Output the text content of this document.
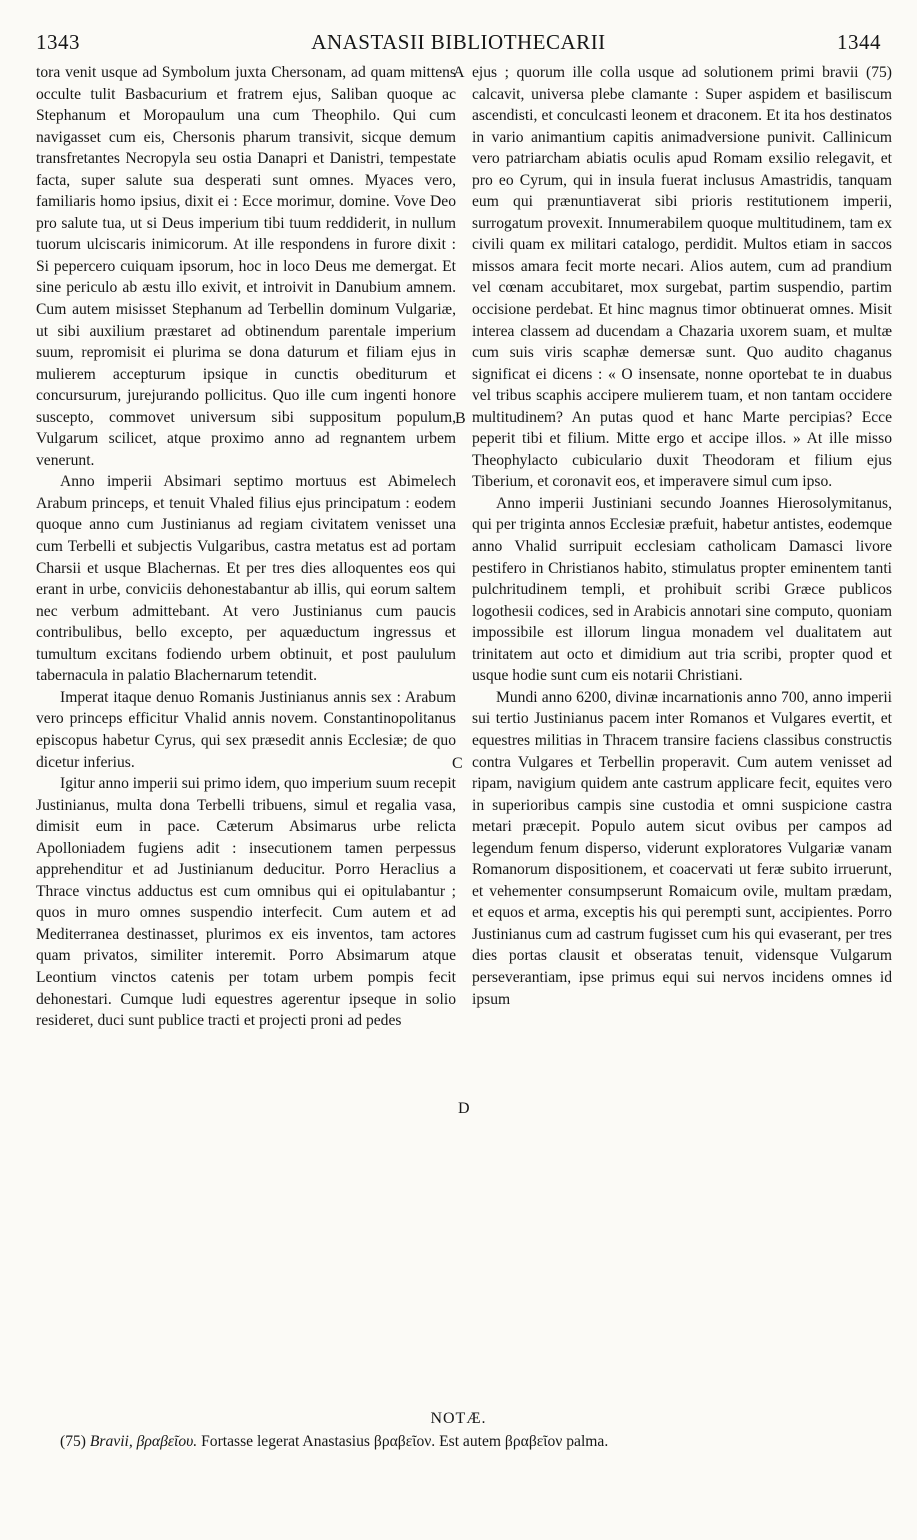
1343	ANASTASII BIBLIOTHECARII	1344

tora venit usque ad Symbolum juxta Chersonam, ad quam mittens occulte tulit Basbacurium et fratrem ejus, Saliban quoque ac Stephanum et Moropaulum una cum Theophilo. Qui cum navigasset cum eis, Chersonis pharum transivit, sicque demum transfretantes Necropyla seu ostia Danapri et Danistri, tempestate facta, super salute sua desperati sunt omnes. Myaces vero, familiaris homo ipsius, dixit ei : Ecce morimur, domine. Vove Deo pro salute tua, ut si Deus imperium tibi tuum reddiderit, in nullum tuorum ulciscaris inimicorum. At ille respondens in furore dixit : Si pepercero cuiquam ipsorum, hoc in loco Deus me demergat. Et sine periculo ab æstu illo exivit, et introivit in Danubium amnem. Cum autem misisset Stephanum ad Terbellin dominum Vulgariæ, ut sibi auxilium præstaret ad obtinendum parentale imperium suum, repromisit ei plurima se dona daturum et filiam ejus in mulierem accepturum ipsique in cunctis obediturum et concursurum, jurejurando pollicitus. Quo ille cum ingenti honore suscepto, commovet universum sibi suppositum populum, Vulgarum scilicet, atque proximo anno ad regnantem urbem venerunt.

Anno imperii Absimari septimo mortuus est Abimelech Arabum princeps, et tenuit Vhaled filius ejus principatum : eodem quoque anno cum Justinianus ad regiam civitatem venisset una cum Terbelli et subjectis Vulgaribus, castra metatus est ad portam Charsii et usque Blachernas. Et per tres dies alloquentes eos qui erant in urbe, conviciis dehonestabantur ab illis, qui eorum saltem nec verbum admittebant. At vero Justinianus cum paucis contribulibus, bello excepto, per aquæductum ingressus et tumultum excitans fodiendo urbem obtinuit, et post paululum tabernacula in palatio Blachernarum tetendit.

Imperat itaque denuo Romanis Justinianus annis sex : Arabum vero princeps efficitur Vhalid annis novem. Constantinopolitanus episcopus habetur Cyrus, qui sex præsedit annis Ecclesiæ; de quo dicetur inferius.

Igitur anno imperii sui primo idem, quo imperium suum recepit Justinianus, multa dona Terbelli tribuens, simul et regalia vasa, dimisit eum in pace. Cæterum Absimarus urbe relicta Apolloniadem fugiens adit : insecutionem tamen perpessus apprehenditur et ad Justinianum deducitur. Porro Heraclius a Thrace vinctus adductus est cum omnibus qui ei opitulabantur ; quos in muro omnes suspendio interfecit. Cum autem et ad Mediterranea destinasset, plurimos ex eis inventos, tam actores quam privatos, similiter interemit. Porro Absimarum atque Leontium vinctos catenis per totam urbem pompis fecit dehonestari. Cumque ludi equestres agerentur ipseque in solio resideret, duci sunt publice tracti et projecti proni ad pedes

A
B
C
D

ejus ; quorum ille colla usque ad solutionem primi bravii (75) calcavit, universa plebe clamante : Super aspidem et basiliscum ascendisti, et conculcasti leonem et draconem. Et ita hos destinatos in vario animantium capitis animadversione punivit. Callinicum vero patriarcham abiatis oculis apud Romam exsilio relegavit, et pro eo Cyrum, qui in insula fuerat inclusus Amastridis, tanquam eum qui prænuntiaverat sibi prioris restitutionem imperii, surrogatum provexit. Innumerabilem quoque multitudinem, tam ex civili quam ex militari catalogo, perdidit. Multos etiam in saccos missos amara fecit morte necari. Alios autem, cum ad prandium vel cœnam accubitaret, mox surgebat, partim suspendio, partim occisione perdebat. Et hinc magnus timor obtinuerat omnes. Misit interea classem ad ducendam a Chazaria uxorem suam, et multæ cum suis viris scaphæ demersæ sunt. Quo audito chaganus significat ei dicens : « O insensate, nonne oportebat te in duabus vel tribus scaphis accipere mulierem tuam, et non tantam occidere multitudinem? An putas quod et hanc Marte percipias? Ecce peperit tibi et filium. Mitte ergo et accipe illos. » At ille misso Theophylacto cubiculario duxit Theodoram et filium ejus Tiberium, et coronavit eos, et imperavere simul cum ipso.

Anno imperii Justiniani secundo Joannes Hierosolymitanus, qui per triginta annos Ecclesiæ præfuit, habetur antistes, eodemque anno Vhalid surripuit ecclesiam catholicam Damasci livore pestifero in Christianos habito, stimulatus propter eminentem tanti pulchritudinem templi, et prohibuit scribi Græce publicos logothesii codices, sed in Arabicis annotari sine computo, quoniam impossibile est illorum lingua monadem vel dualitatem aut trinitatem aut octo et dimidium aut tria scribi, propter quod et usque hodie sunt cum eis notarii Christiani.

Mundi anno 6200, divinæ incarnationis anno 700, anno imperii sui tertio Justinianus pacem inter Romanos et Vulgares evertit, et equestres militias in Thracem transire faciens classibus constructis contra Vulgares et Terbellin properavit. Cum autem venisset ad ripam, navigium quidem ante castrum applicare fecit, equites vero in superioribus campis sine custodia et omni suspicione castra metari præcepit. Populo autem sicut ovibus per campos ad legendum fenum disperso, viderunt exploratores Vulgariæ vanam Romanorum dispositionem, et coacervati ut feræ subito irruerunt, et vehementer consumpserunt Romaicum ovile, multam prædam, et equos et arma, exceptis his qui perempti sunt, accipientes. Porro Justinianus cum ad castrum fugisset cum his qui evaserant, per tres dies portas clausit et obseratas tenuit, vidensque Vulgarum perseverantiam, ipse primus equi sui nervos incidens omnes id ipsum

NOTÆ.
(75) Bravii, βραβεῖου. Fortasse legerat Anastasius βραβεῖον. Est autem βραβεῖον palma.
